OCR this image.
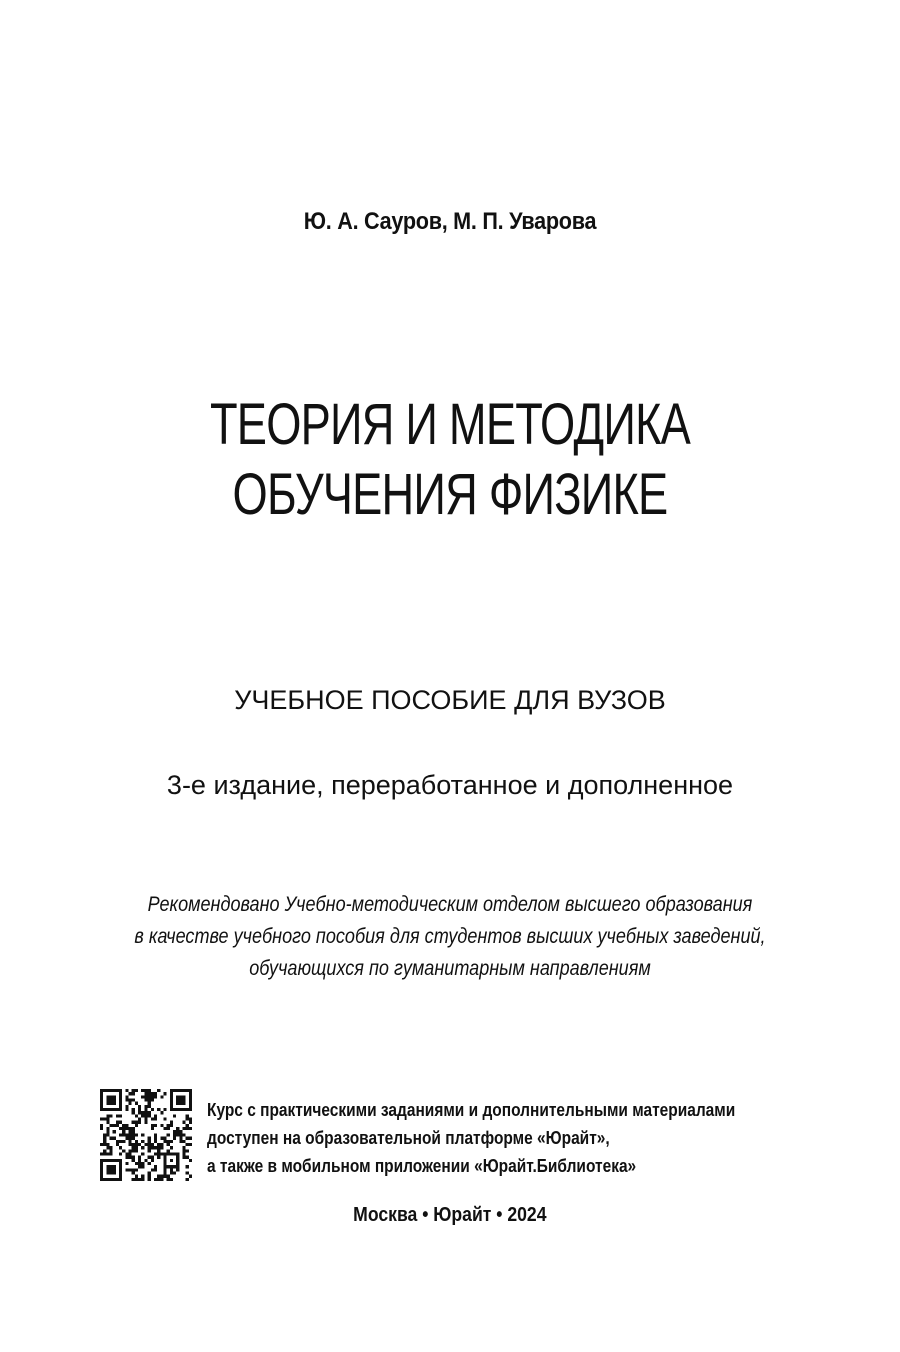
Ю. А. Сауров, М. П. Уварова
ТЕОРИЯ И МЕТОДИКА
ОБУЧЕНИЯ ФИЗИКЕ
УЧЕБНОЕ ПОСОБИЕ ДЛЯ ВУЗОВ
3-е издание, переработанное и дополненное
Рекомендовано Учебно-методическим отделом высшего образования
в качестве учебного пособия для студентов высших учебных заведений,
обучающихся по гуманитарным направлениям
Курс с практическими заданиями и дополнительными материалами
доступен на образовательной платформе «Юрайт»,
а также в мобильном приложении «Юрайт.Библиотека»
Москва • Юрайт • 2024
